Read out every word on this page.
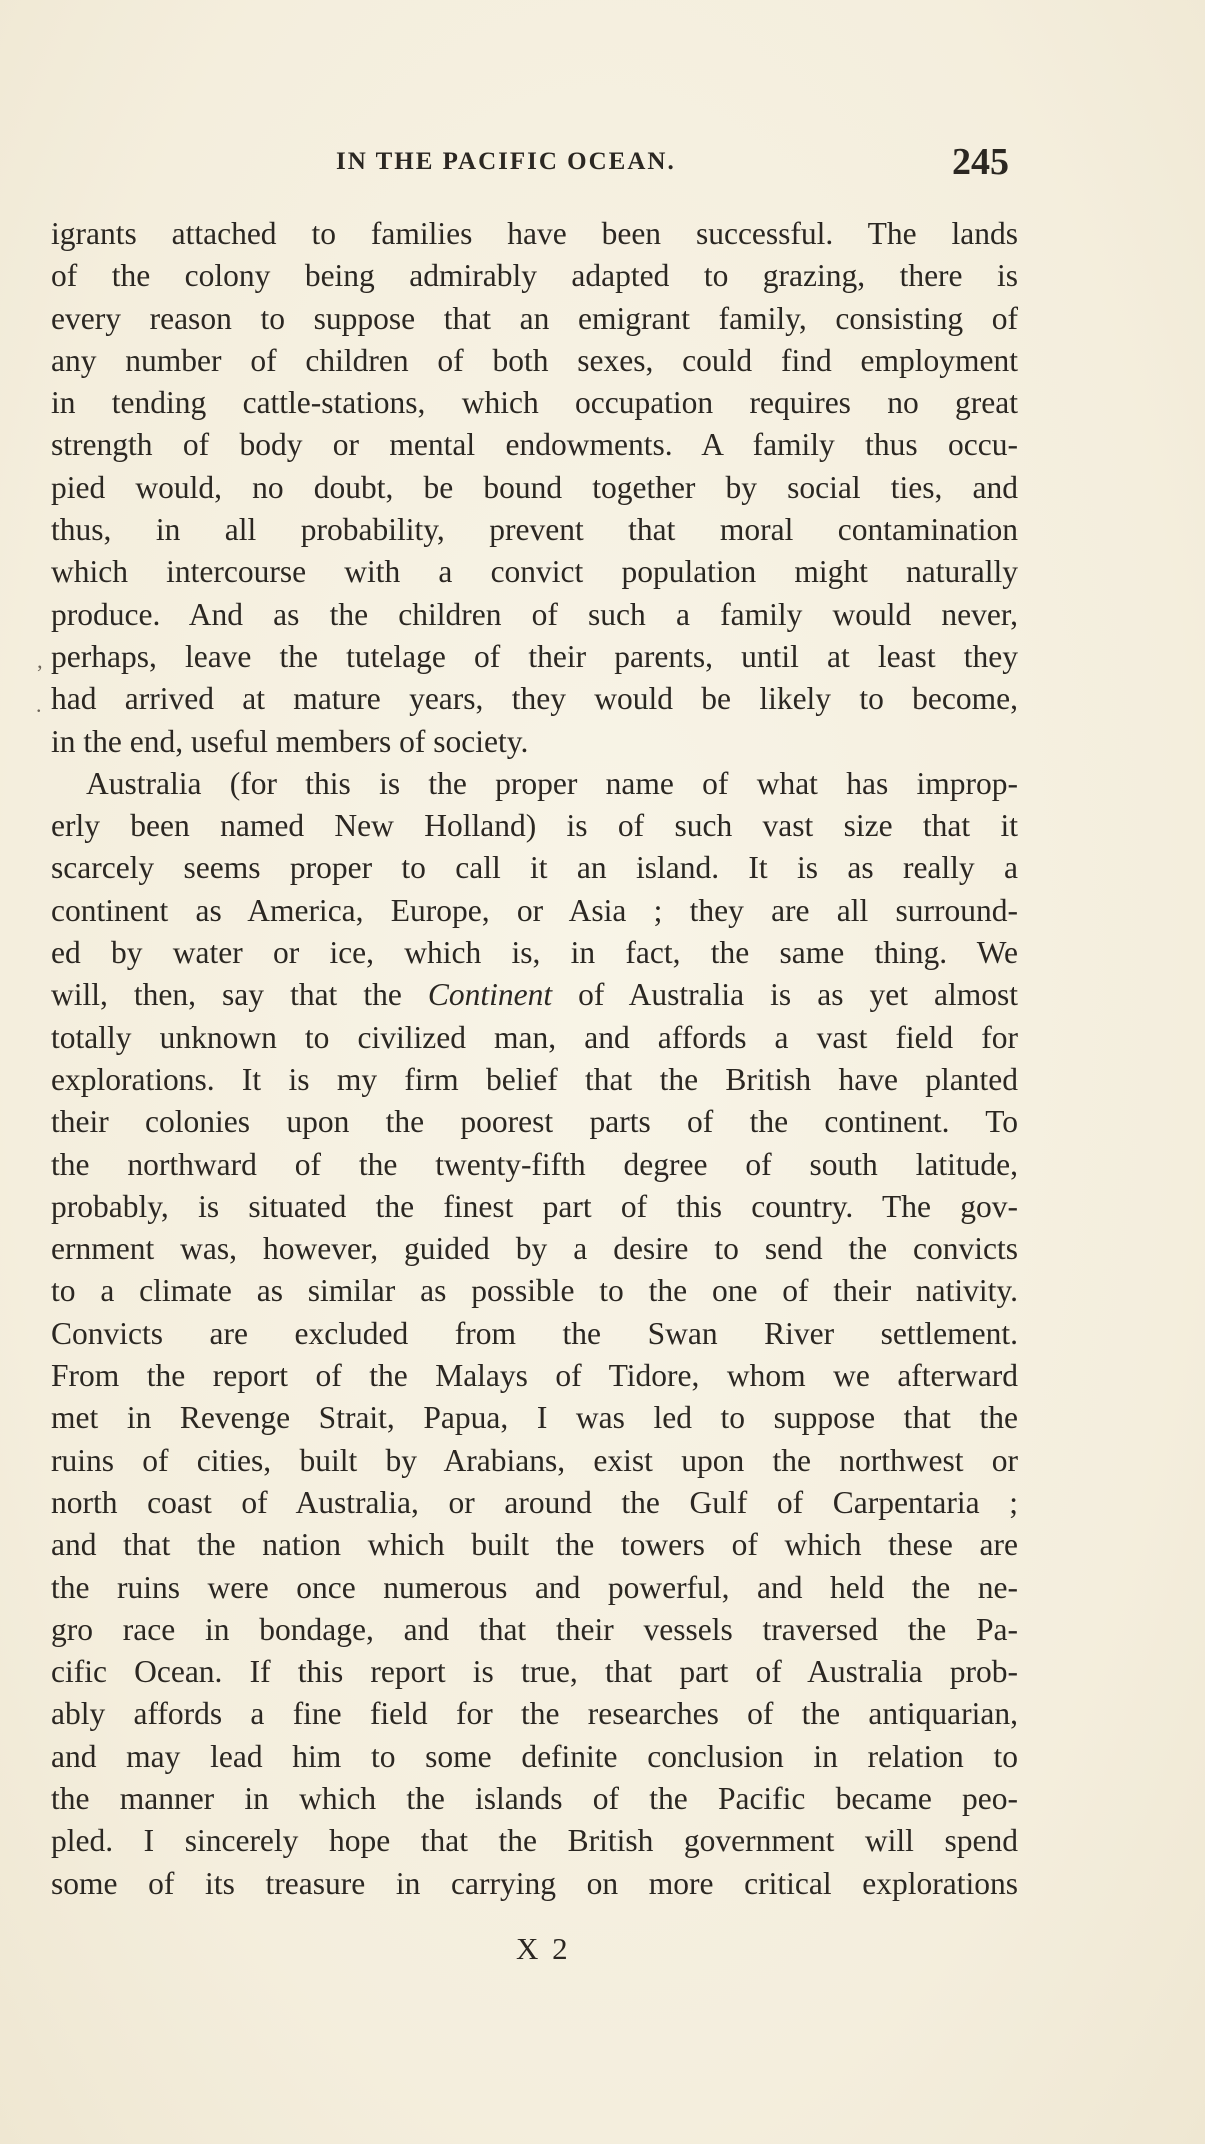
IN THE PACIFIC OCEAN.	245
igrants attached to families have been successful. The lands
of the colony being admirably adapted to grazing, there is
every reason to suppose that an emigrant family, consisting of
any number of children of both sexes, could find employment
in tending cattle-stations, which occupation requires no great
strength of body or mental endowments. A family thus occu-
pied would, no doubt, be bound together by social ties, and
thus, in all probability, prevent that moral contamination
which intercourse with a convict population might naturally
produce. And as the children of such a family would never,
perhaps, leave the tutelage of their parents, until at least they
had arrived at mature years, they would be likely to become,
in the end, useful members of society.
Australia (for this is the proper name of what has improp-
erly been named New Holland) is of such vast size that it
scarcely seems proper to call it an island. It is as really a
continent as America, Europe, or Asia ; they are all surround-
ed by water or ice, which is, in fact, the same thing. We
will, then, say that the Continent of Australia is as yet almost
totally unknown to civilized man, and affords a vast field for
explorations. It is my firm belief that the British have planted
their colonies upon the poorest parts of the continent. To
the northward of the twenty-fifth degree of south latitude,
probably, is situated the finest part of this country. The gov-
ernment was, however, guided by a desire to send the convicts
to a climate as similar as possible to the one of their nativity.
Convicts are excluded from the Swan River settlement.
From the report of the Malays of Tidore, whom we afterward
met in Revenge Strait, Papua, I was led to suppose that the
ruins of cities, built by Arabians, exist upon the northwest or
north coast of Australia, or around the Gulf of Carpentaria ;
and that the nation which built the towers of which these are
the ruins were once numerous and powerful, and held the ne-
gro race in bondage, and that their vessels traversed the Pa-
cific Ocean. If this report is true, that part of Australia prob-
ably affords a fine field for the researches of the antiquarian,
and may lead him to some definite conclusion in relation to
the manner in which the islands of the Pacific became peo-
pled. I sincerely hope that the British government will spend
some of its treasure in carrying on more critical explorations
‚
.
X 2
